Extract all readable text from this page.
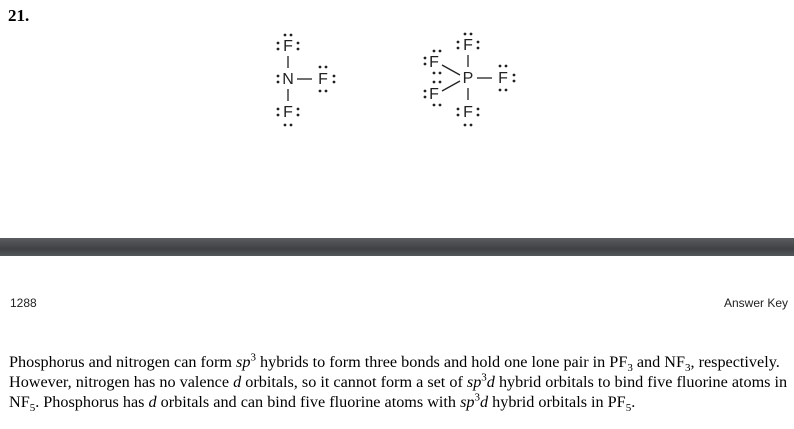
21.
F
N F
F
F
F
P F
F
F
1288	Answer Key

Phosphorus and nitrogen can form $sp^3$ hybrids to form three bonds and hold one lone pair in $PF_3$ and $NF_3$, respectively. However, nitrogen has no valence d orbitals, so it cannot form a set of $sp^3d$ hybrid orbitals to bind five fluorine atoms in $NF_5$. Phosphorus has d orbitals and can bind five fluorine atoms with $sp^3d$ hybrid orbitals in $PF_5$.
